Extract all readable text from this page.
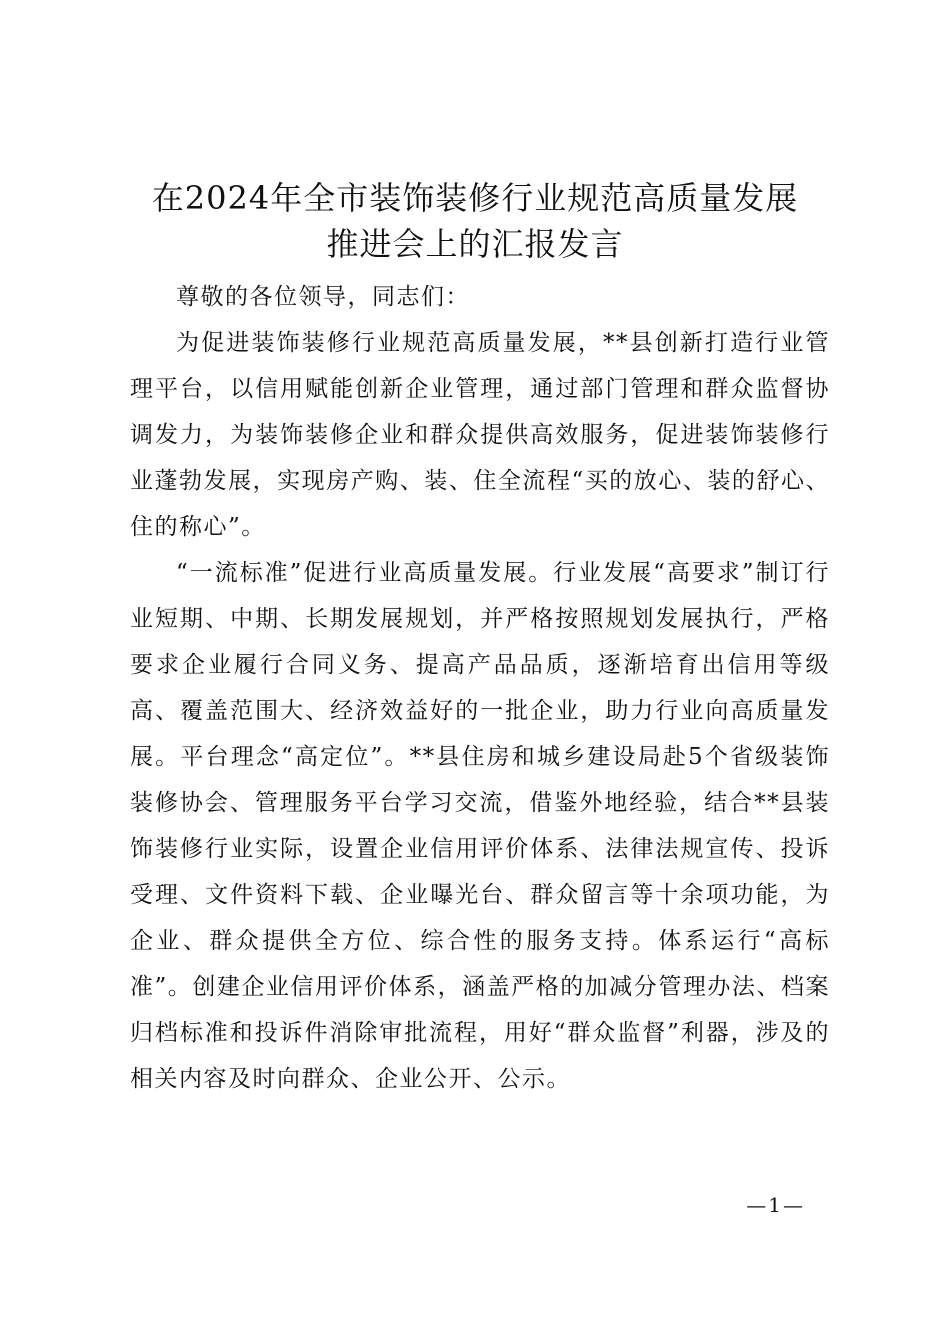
在2024年全市装饰装修行业规范高质量发展
推进会上的汇报发言

尊敬的各位领导，同志们：

为促进装饰装修行业规范高质量发展，**县创新打造行业管理平台，以信用赋能创新企业管理，通过部门管理和群众监督协调发力，为装饰装修企业和群众提供高效服务，促进装饰装修行业蓬勃发展，实现房产购、装、住全流程“买的放心、装的舒心、住的称心”。

“一流标准”促进行业高质量发展。行业发展“高要求”制订行业短期、中期、长期发展规划，并严格按照规划发展执行，严格要求企业履行合同义务、提高产品品质，逐渐培育出信用等级高、覆盖范围大、经济效益好的一批企业，助力行业向高质量发展。平台理念“高定位”。**县住房和城乡建设局赴5个省级装饰装修协会、管理服务平台学习交流，借鉴外地经验，结合**县装饰装修行业实际，设置企业信用评价体系、法律法规宣传、投诉受理、文件资料下载、企业曝光台、群众留言等十余项功能，为企业、群众提供全方位、综合性的服务支持。体系运行“高标准”。创建企业信用评价体系，涵盖严格的加减分管理办法、档案归档标准和投诉件消除审批流程，用好“群众监督”利器，涉及的相关内容及时向群众、企业公开、公示。

—1—
